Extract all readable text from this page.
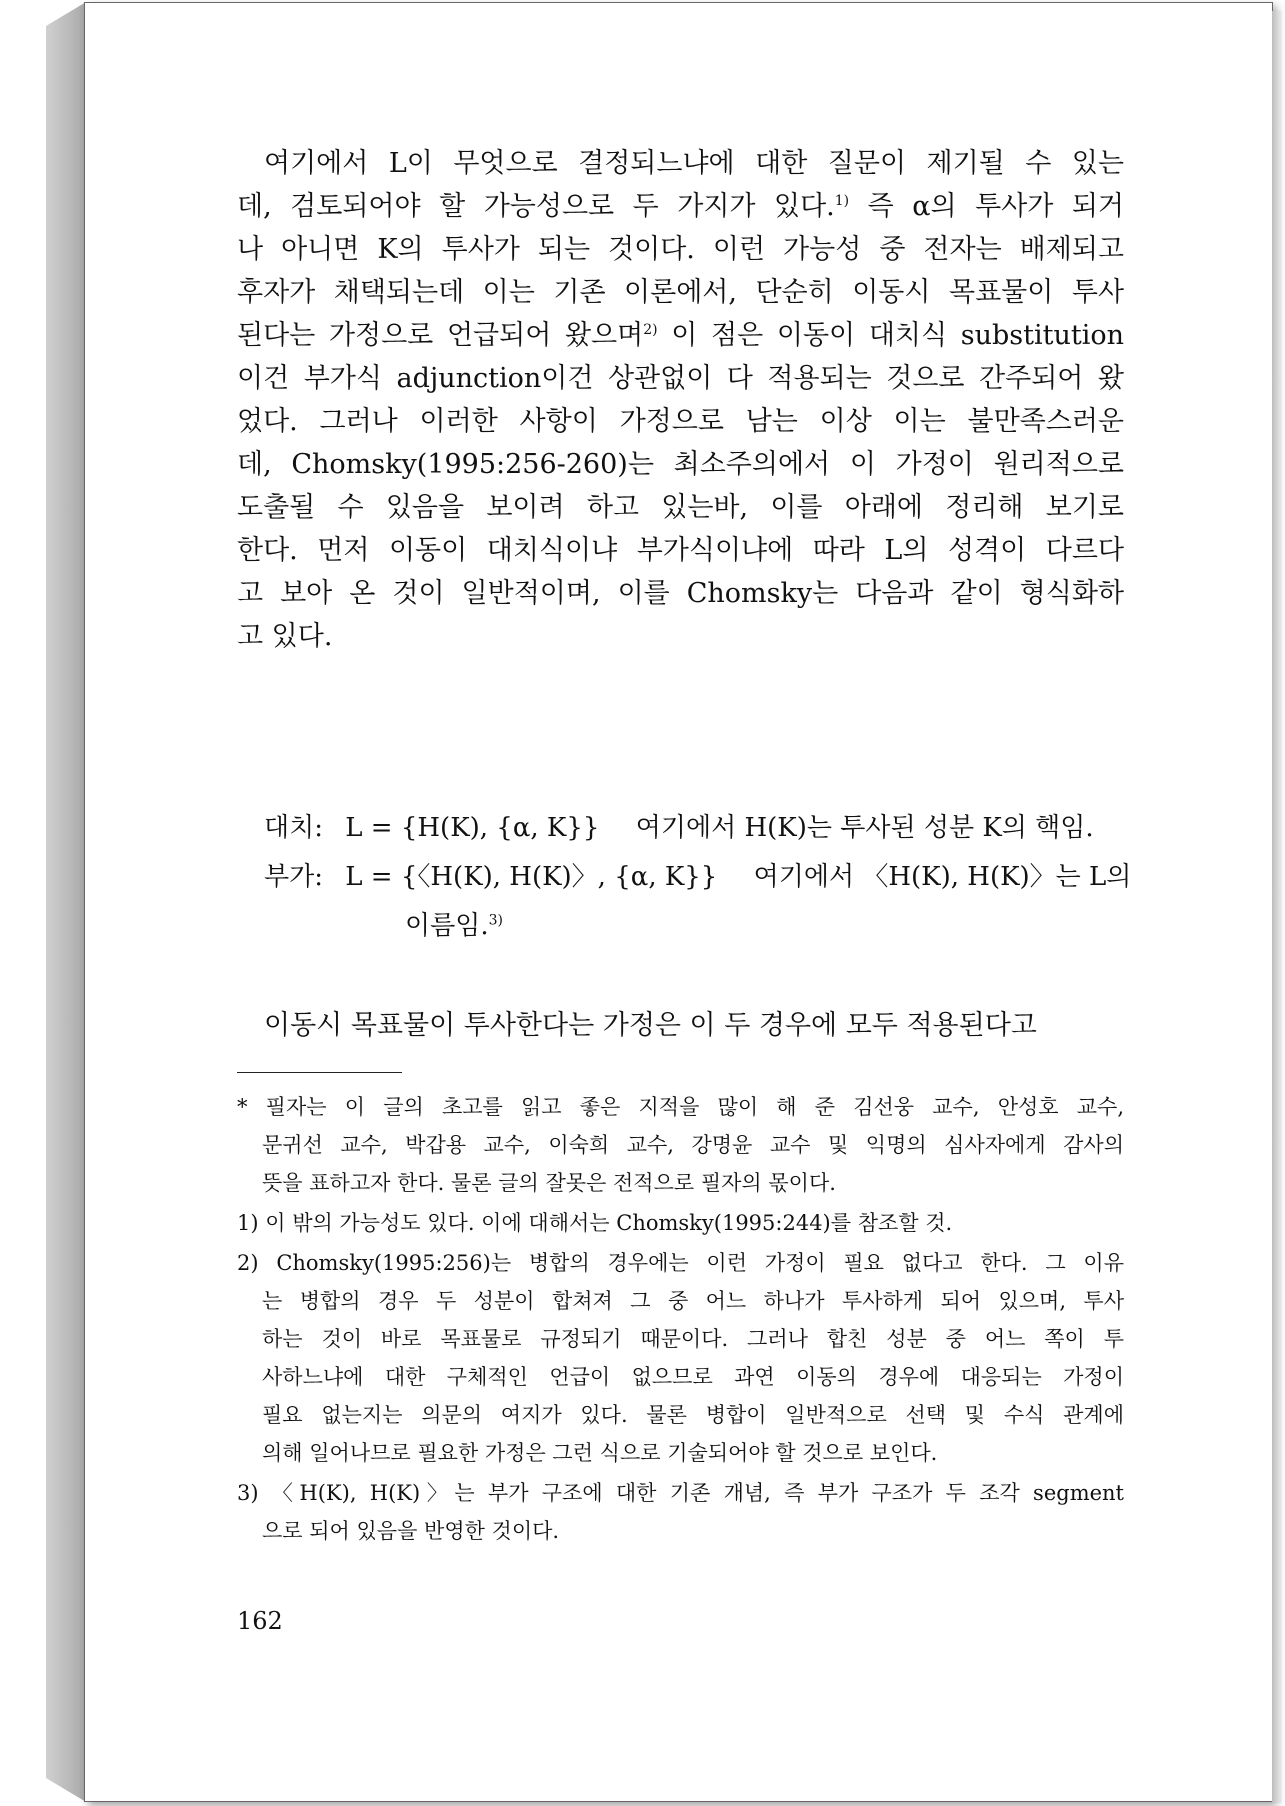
여기에서 L이 무엇으로 결정되느냐에 대한 질문이 제기될 수 있는
데, 검토되어야 할 가능성으로 두 가지가 있다.$^{1)}$ 즉 α의 투사가 되거
나 아니면 K의 투사가 되는 것이다. 이런 가능성 중 전자는 배제되고
후자가 채택되는데 이는 기존 이론에서, 단순히 이동시 목표물이 투사
된다는 가정으로 언급되어 왔으며$^{2)}$ 이 점은 이동이 대치식 substitution
이건 부가식 adjunction이건 상관없이 다 적용되는 것으로 간주되어 왔
었다. 그러나 이러한 사항이 가정으로 남는 이상 이는 불만족스러운
데, Chomsky(1995:256-260)는 최소주의에서 이 가정이 원리적으로
도출될 수 있음을 보이려 하고 있는바, 이를 아래에 정리해 보기로
한다. 먼저 이동이 대치식이냐 부가식이냐에 따라 L의 성격이 다르다
고 보아 온 것이 일반적이며, 이를 Chomsky는 다음과 같이 형식화하
고 있다.
대치: L = {H(K), {α, K}} 여기에서 H(K)는 투사된 성분 K의 핵임.
부가: L = {〈H(K), H(K)〉, {α, K}} 여기에서 〈H(K), H(K)〉는 L의
이름임.$^{3)}$
이동시 목표물이 투사한다는 가정은 이 두 경우에 모두 적용된다고
* 필자는 이 글의 초고를 읽고 좋은 지적을 많이 해 준 김선웅 교수, 안성호 교수,
문귀선 교수, 박갑용 교수, 이숙희 교수, 강명윤 교수 및 익명의 심사자에게 감사의
뜻을 표하고자 한다. 물론 글의 잘못은 전적으로 필자의 몫이다.
1) 이 밖의 가능성도 있다. 이에 대해서는 Chomsky(1995:244)를 참조할 것.
2) Chomsky(1995:256)는 병합의 경우에는 이런 가정이 필요 없다고 한다. 그 이유
는 병합의 경우 두 성분이 합쳐져 그 중 어느 하나가 투사하게 되어 있으며, 투사
하는 것이 바로 목표물로 규정되기 때문이다. 그러나 합친 성분 중 어느 쪽이 투
사하느냐에 대한 구체적인 언급이 없으므로 과연 이동의 경우에 대응되는 가정이
필요 없는지는 의문의 여지가 있다. 물론 병합이 일반적으로 선택 및 수식 관계에
의해 일어나므로 필요한 가정은 그런 식으로 기술되어야 할 것으로 보인다.
3) 〈H(K), H(K)〉는 부가 구조에 대한 기존 개념, 즉 부가 구조가 두 조각 segment
으로 되어 있음을 반영한 것이다.
162
